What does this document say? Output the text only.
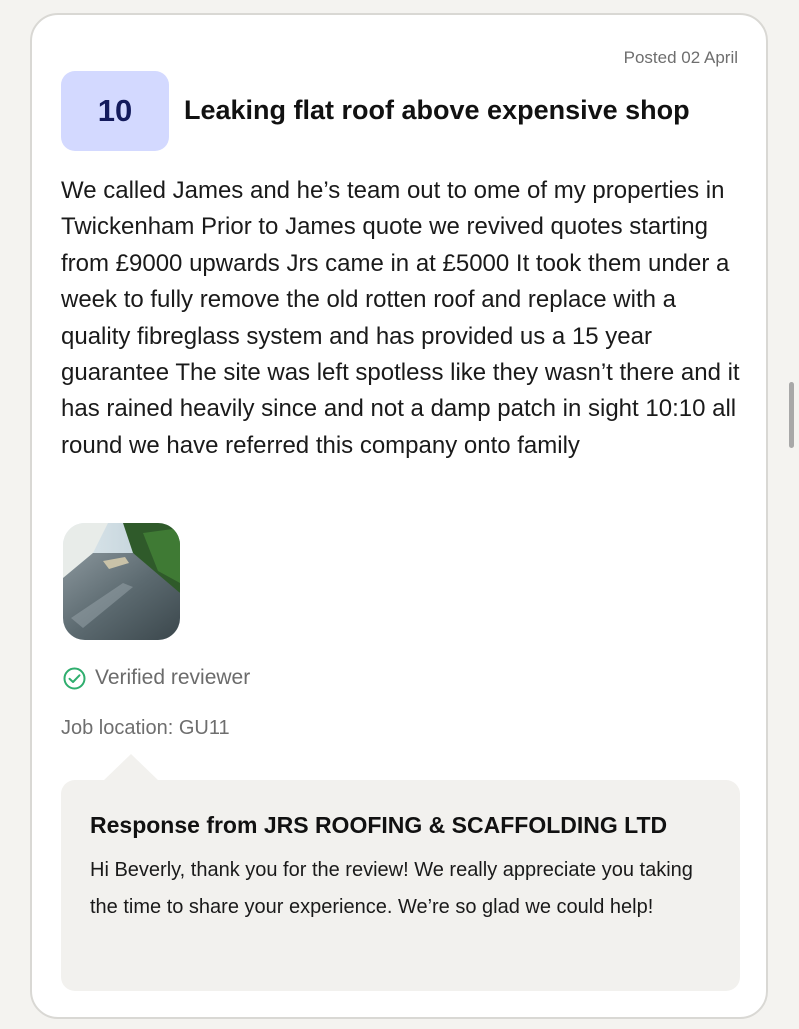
Posted 02 April
10	Leaking flat roof above expensive shop

We called James and he’s team out to ome of my properties in Twickenham Prior to James quote we revived quotes starting from £9000 upwards Jrs came in at £5000 It took them under a week to fully remove the old rotten roof and replace with a quality fibreglass system and has provided us a 15 year guarantee The site was left spotless like they wasn’t there and it has rained heavily since and not a damp patch in sight 10:10 all round we have referred this company onto family

Verified reviewer
Job location: GU11
Response from JRS ROOFING & SCAFFOLDING LTD

Hi Beverly, thank you for the review! We really appreciate you taking the time to share your experience. We’re so glad we could help!
